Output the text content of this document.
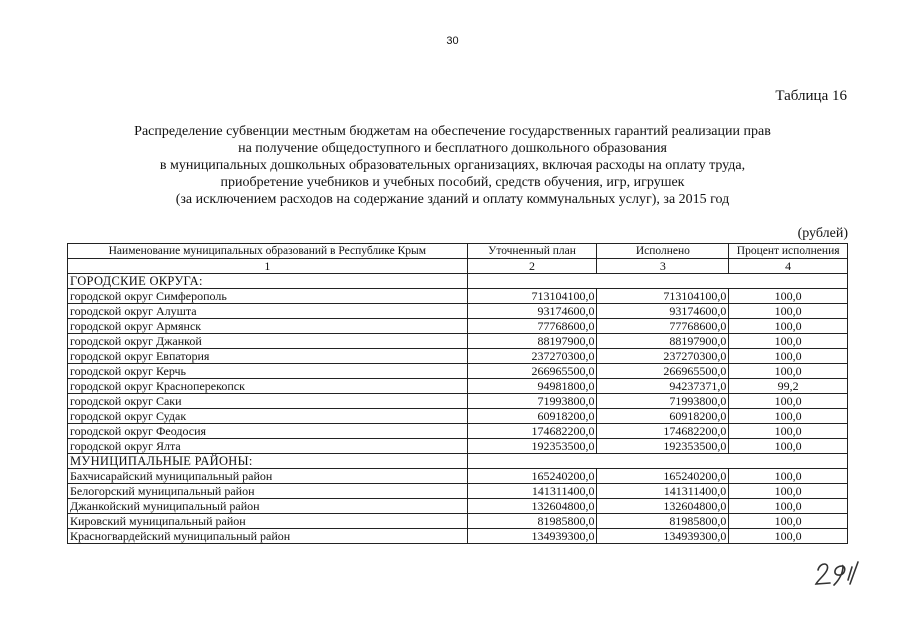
30
Таблица 16
Распределение субвенции местным бюджетам на обеспечение государственных гарантий реализации прав
на получение общедоступного и бесплатного дошкольного образования
в муниципальных дошкольных образовательных организациях, включая расходы на оплату труда,
приобретение учебников и учебных пособий, средств обучения, игр, игрушек
(за исключением расходов на содержание зданий и оплату коммунальных услуг), за 2015 год
(рублей)
Наименование муниципальных образований в Республике Крым	Уточненный план	Исполнено	Процент исполнения
1	2	3	4
ГОРОДСКИЕ ОКРУГА:			
городской округ Симферополь	713104100,0	713104100,0	100,0
городской округ Алушта	93174600,0	93174600,0	100,0
городской округ Армянск	77768600,0	77768600,0	100,0
городской округ Джанкой	88197900,0	88197900,0	100,0
городской округ Евпатория	237270300,0	237270300,0	100,0
городской округ Керчь	266965500,0	266965500,0	100,0
городской округ Красноперекопск	94981800,0	94237371,0	99,2
городской округ Саки	71993800,0	71993800,0	100,0
городской округ Судак	60918200,0	60918200,0	100,0
городской округ Феодосия	174682200,0	174682200,0	100,0
городской округ Ялта	192353500,0	192353500,0	100,0
МУНИЦИПАЛЬНЫЕ РАЙОНЫ:			
Бахчисарайский муниципальный район	165240200,0	165240200,0	100,0
Белогорский муниципальный район	141311400,0	141311400,0	100,0
Джанкойский муниципальный район	132604800,0	132604800,0	100,0
Кировский муниципальный район	81985800,0	81985800,0	100,0
Красногвардейский муниципальный район	134939300,0	134939300,0	100,0
